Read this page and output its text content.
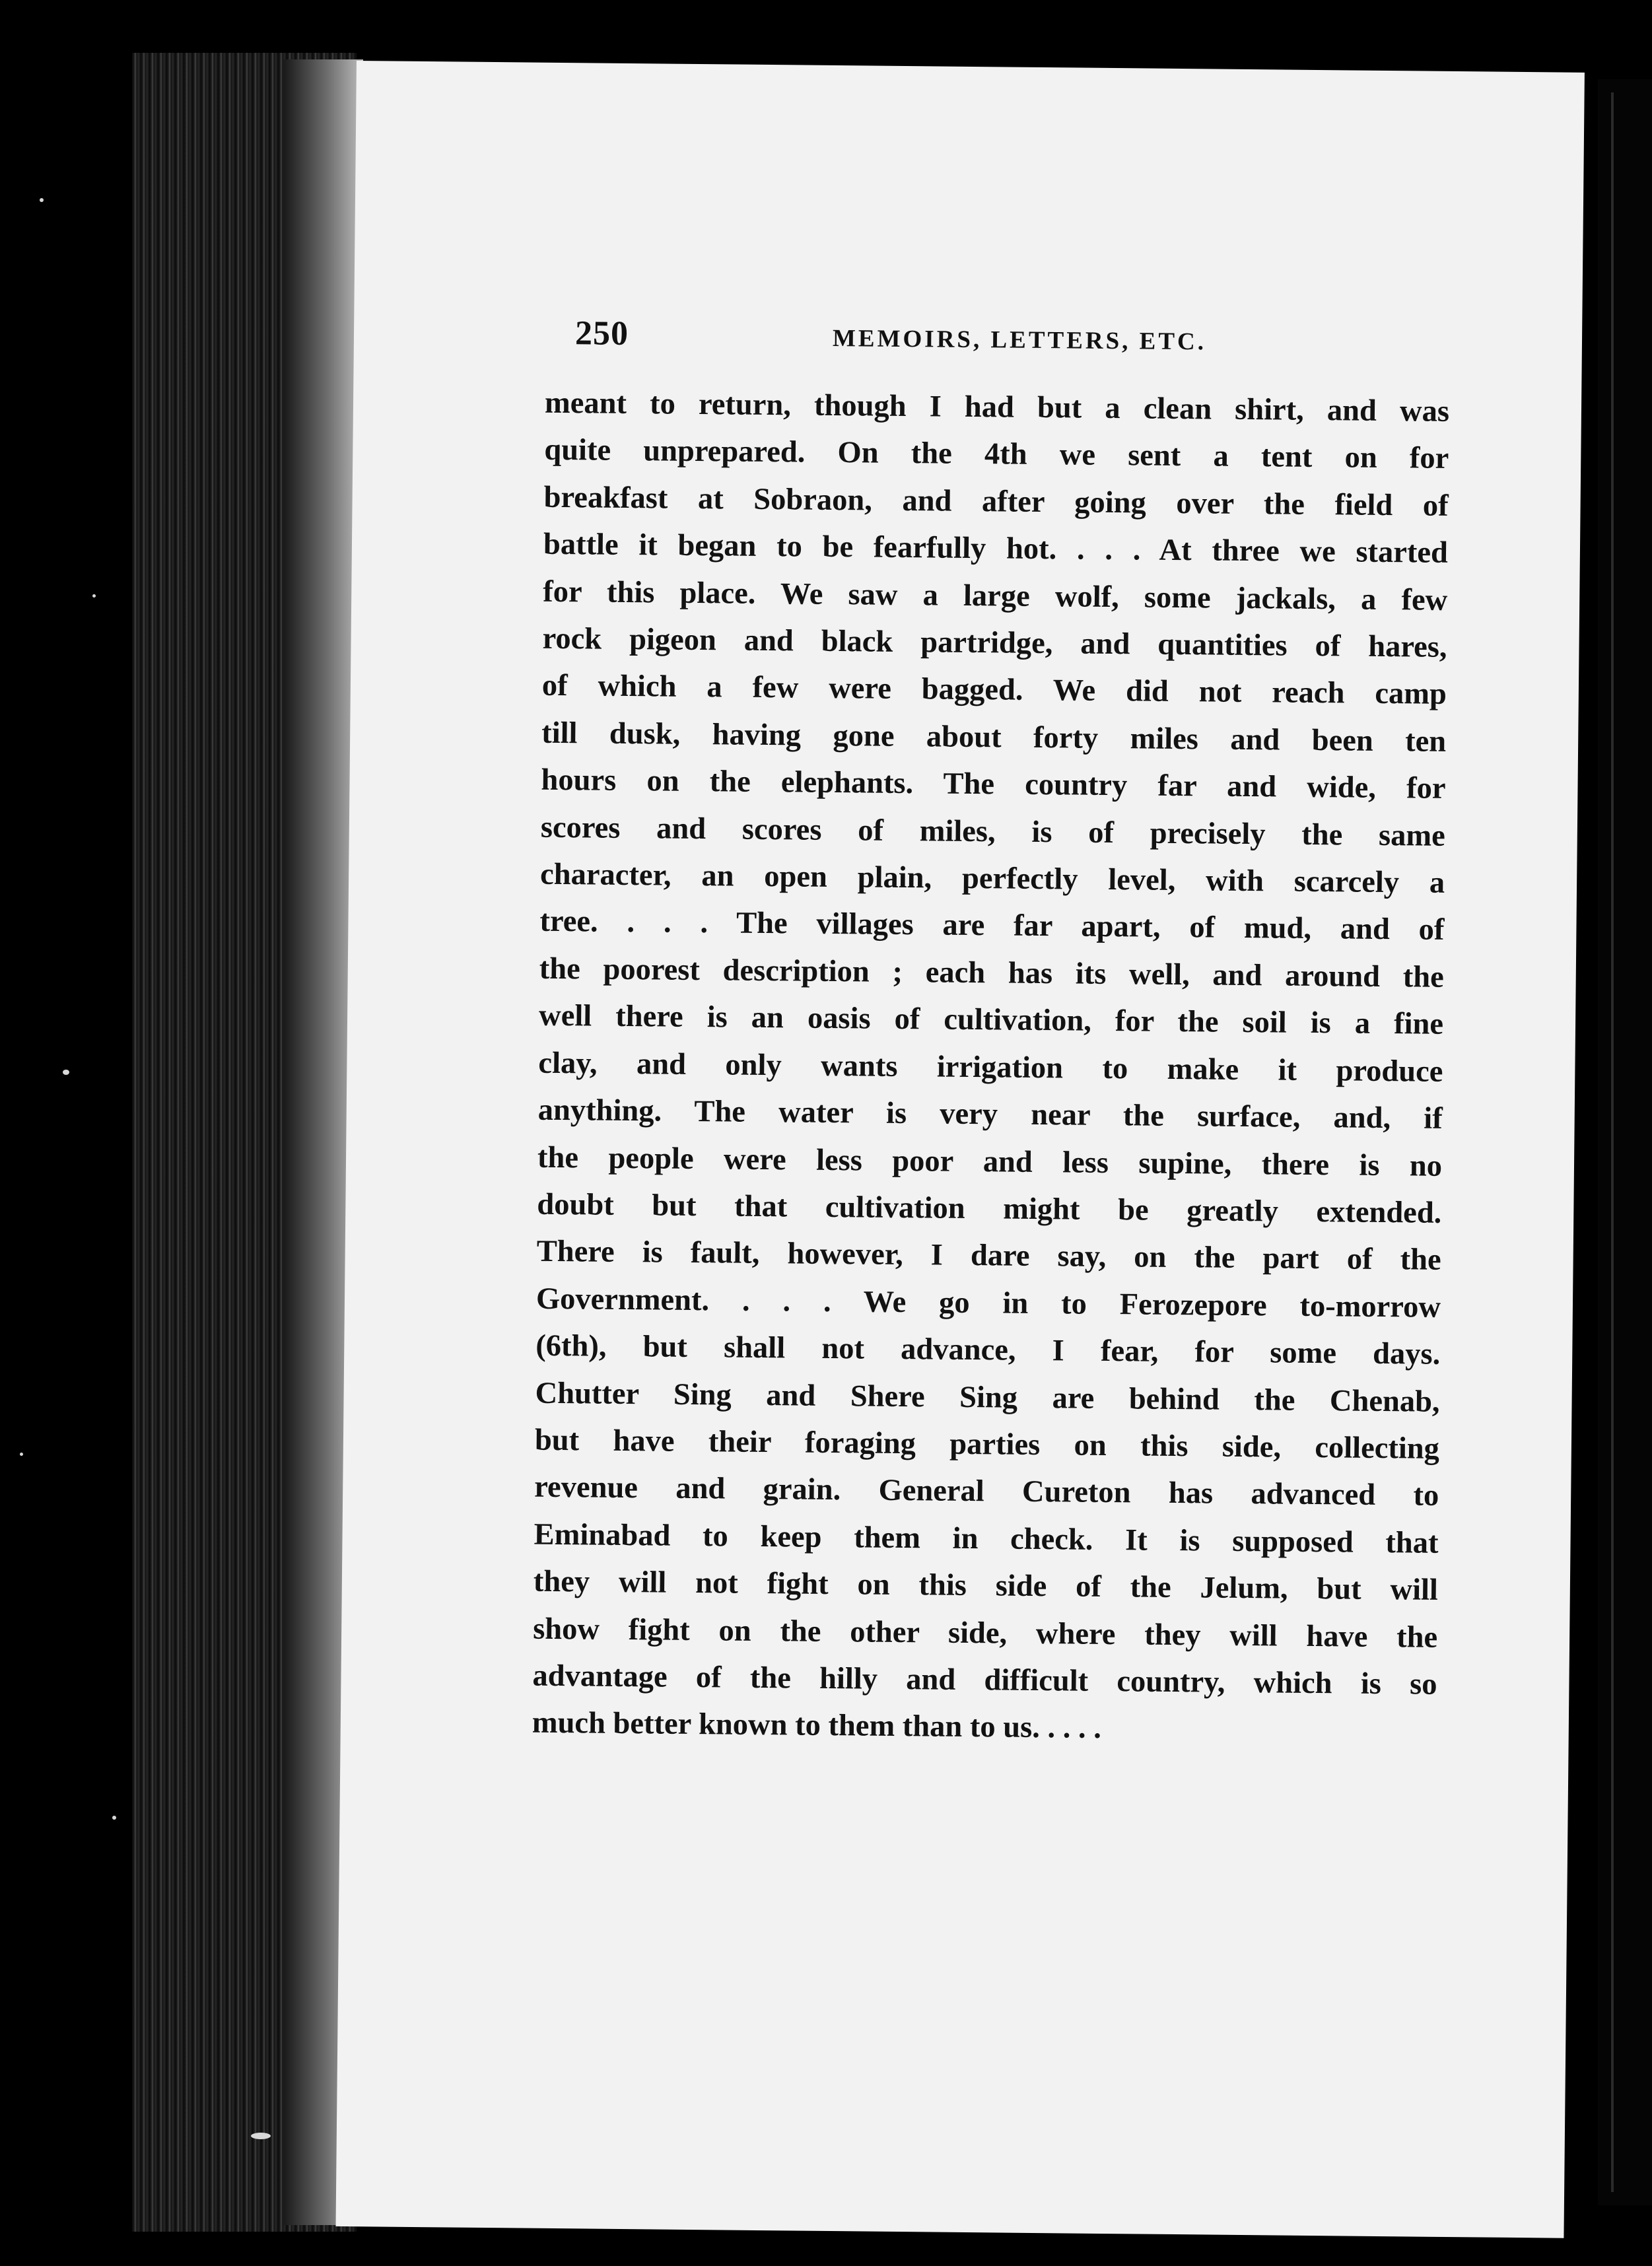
250	MEMOIRS, LETTERS, ETC.

meant to return, though I had but a clean shirt, and was
quite unprepared. On the 4th we sent a tent on for
breakfast at Sobraon, and after going over the field of
battle it began to be fearfully hot. . . . At three we started
for this place. We saw a large wolf, some jackals, a few
rock pigeon and black partridge, and quantities of hares,
of which a few were bagged. We did not reach camp
till dusk, having gone about forty miles and been ten
hours on the elephants. The country far and wide, for
scores and scores of miles, is of precisely the same
character, an open plain, perfectly level, with scarcely a
tree. . . . The villages are far apart, of mud, and of
the poorest description ; each has its well, and around the
well there is an oasis of cultivation, for the soil is a fine
clay, and only wants irrigation to make it produce
anything. The water is very near the surface, and, if
the people were less poor and less supine, there is no
doubt but that cultivation might be greatly extended.
There is fault, however, I dare say, on the part of the
Government. . . . We go in to Ferozepore to-morrow
(6th), but shall not advance, I fear, for some days.
Chutter Sing and Shere Sing are behind the Chenab,
but have their foraging parties on this side, collecting
revenue and grain. General Cureton has advanced to
Eminabad to keep them in check. It is supposed that
they will not fight on this side of the Jelum, but will
show fight on the other side, where they will have the
advantage of the hilly and difficult country, which is so
much better known to them than to us. . . . .
